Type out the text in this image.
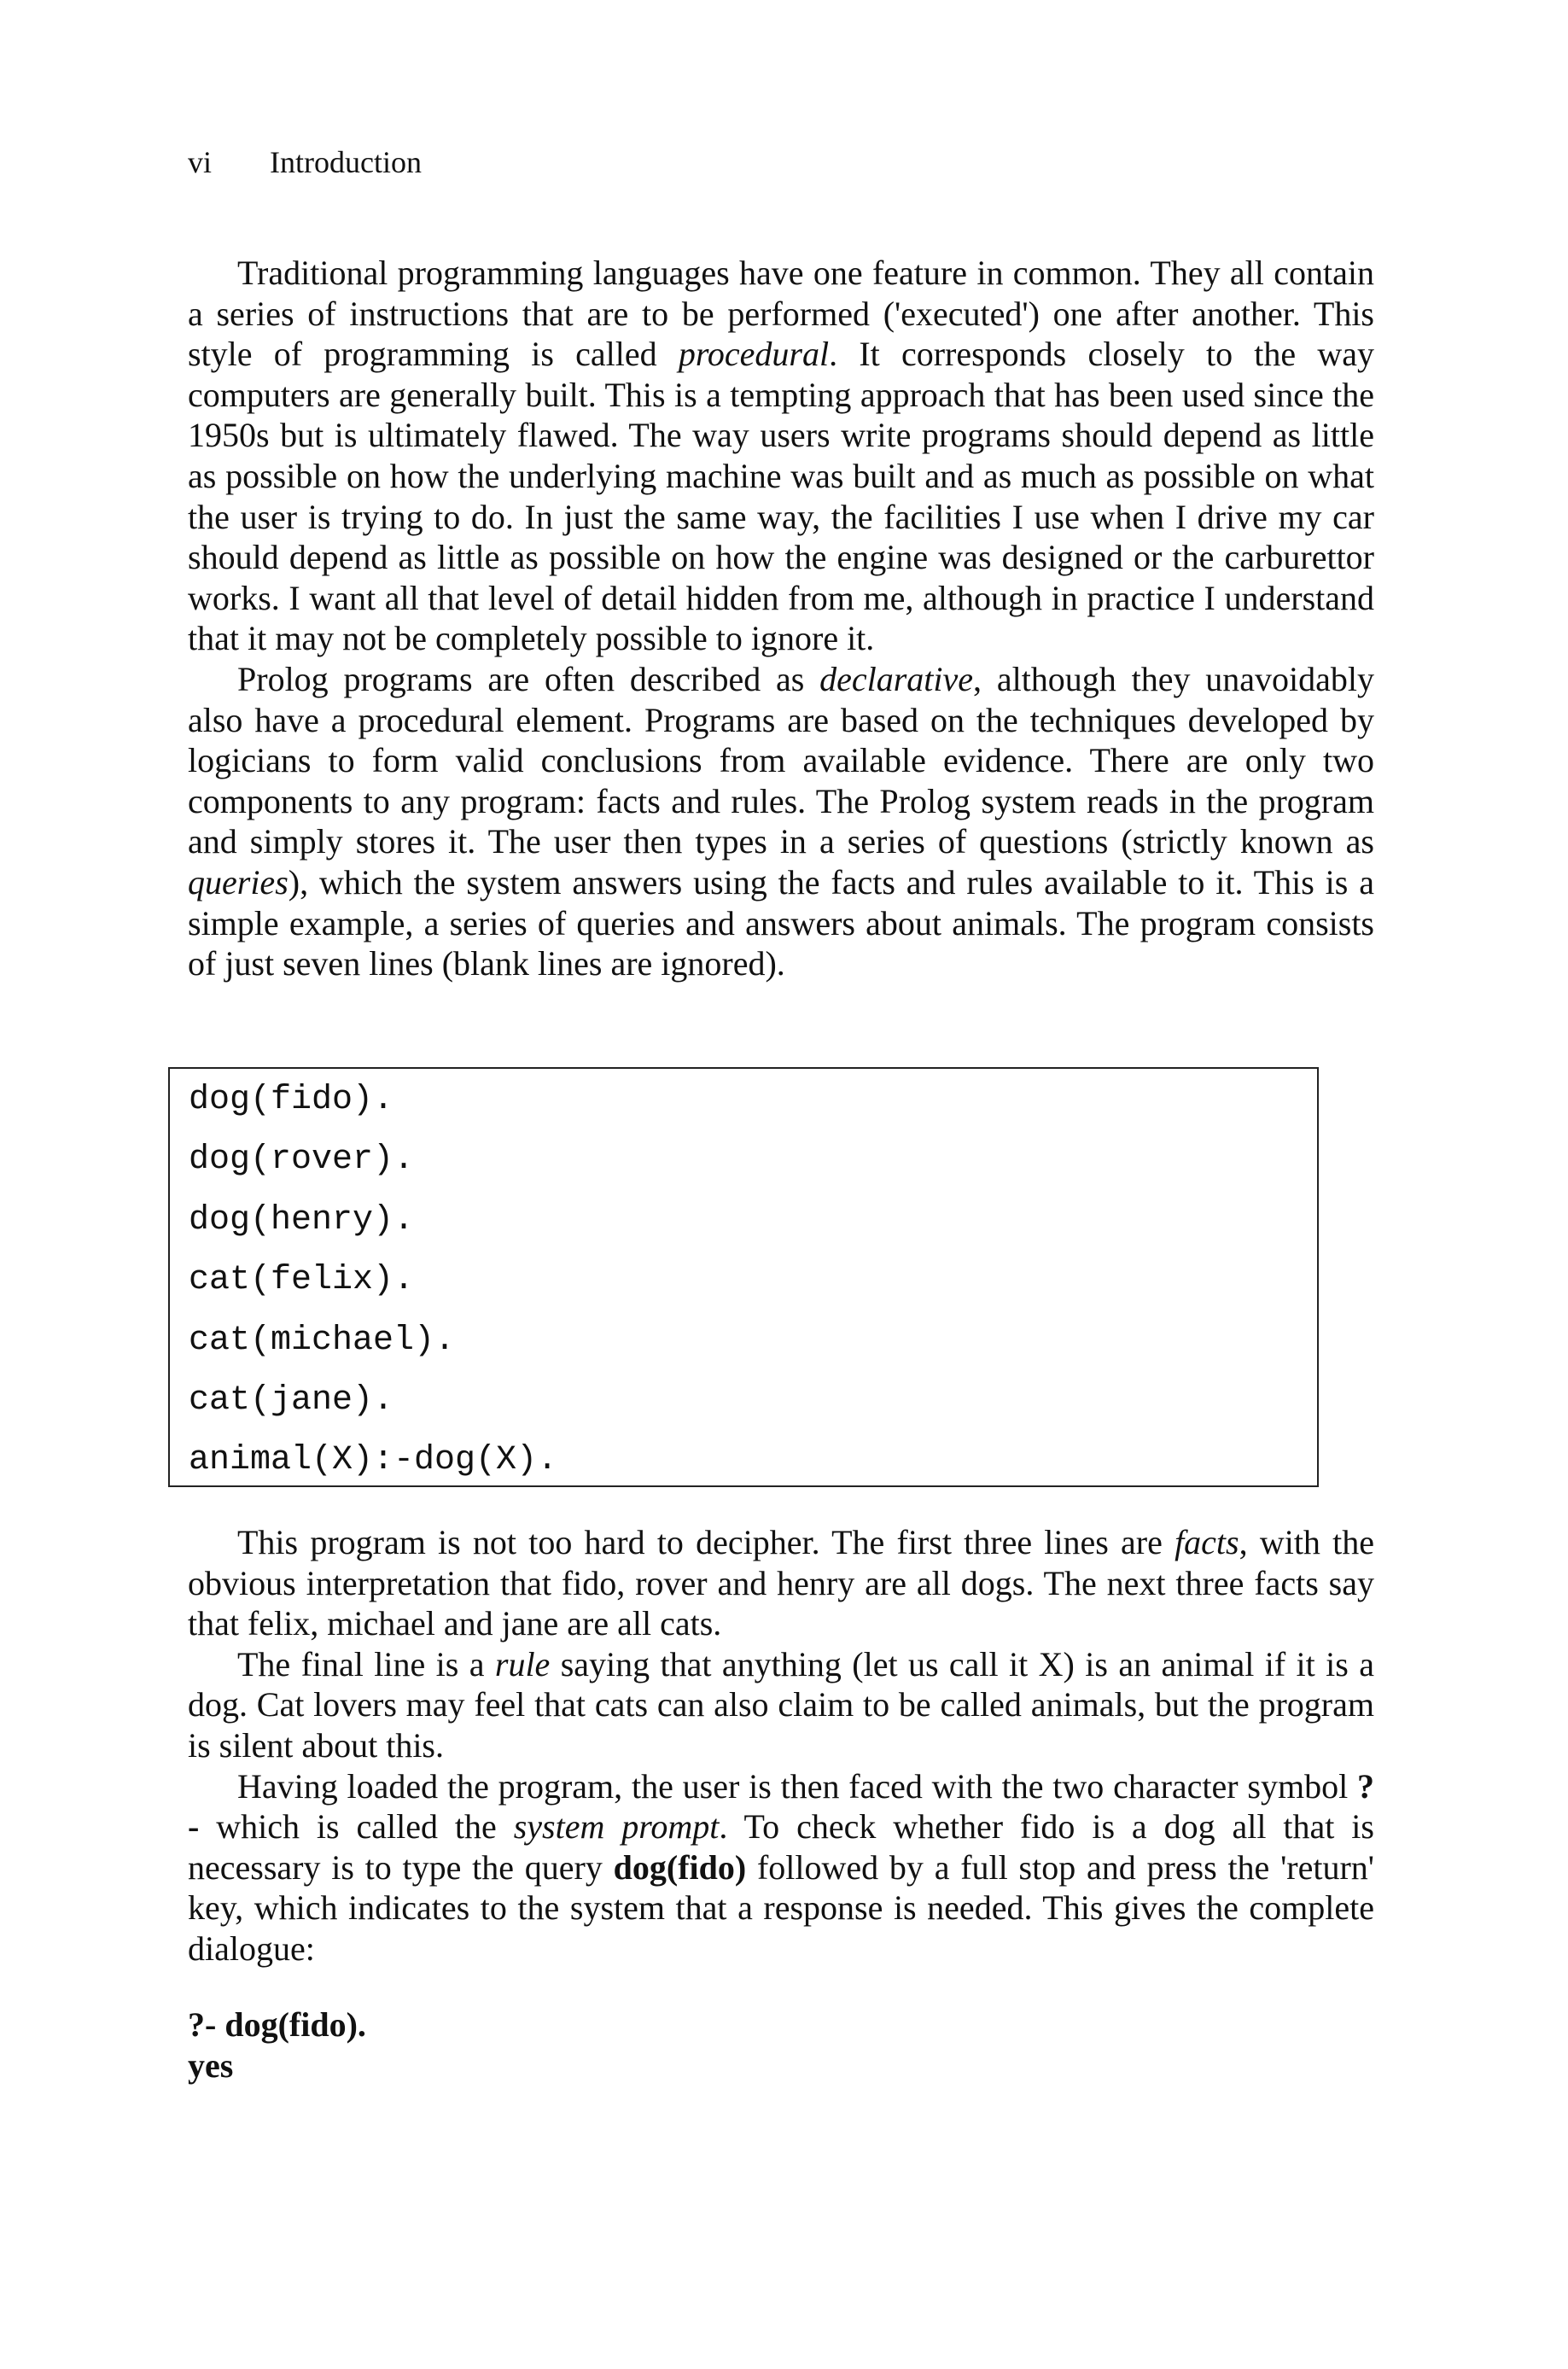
vi Introduction

Traditional programming languages have one feature in common. They all contain a series of instructions that are to be performed ('executed') one after another. This style of programming is called procedural. It corresponds closely to the way computers are generally built. This is a tempting approach that has been used since the 1950s but is ultimately flawed. The way users write programs should depend as little as possible on how the underlying machine was built and as much as possible on what the user is trying to do. In just the same way, the facilities I use when I drive my car should depend as little as possible on how the engine was designed or the carburettor works. I want all that level of detail hidden from me, although in practice I understand that it may not be completely possible to ignore it.

Prolog programs are often described as declarative, although they unavoidably also have a procedural element. Programs are based on the techniques developed by logicians to form valid conclusions from available evidence. There are only two components to any program: facts and rules. The Prolog system reads in the program and simply stores it. The user then types in a series of questions (strictly known as queries), which the system answers using the facts and rules available to it. This is a simple example, a series of queries and answers about animals. The program consists of just seven lines (blank lines are ignored).

dog(fido).
dog(rover).
dog(henry).
cat(felix).
cat(michael).
cat(jane).
animal(X):-dog(X).

This program is not too hard to decipher. The first three lines are facts, with the obvious interpretation that fido, rover and henry are all dogs. The next three facts say that felix, michael and jane are all cats.

The final line is a rule saying that anything (let us call it X) is an animal if it is a dog. Cat lovers may feel that cats can also claim to be called animals, but the program is silent about this.

Having loaded the program, the user is then faced with the two character symbol ?- which is called the system prompt. To check whether fido is a dog all that is necessary is to type the query dog(fido) followed by a full stop and press the 'return' key, which indicates to the system that a response is needed. This gives the complete dialogue:

?- dog(fido).
yes
